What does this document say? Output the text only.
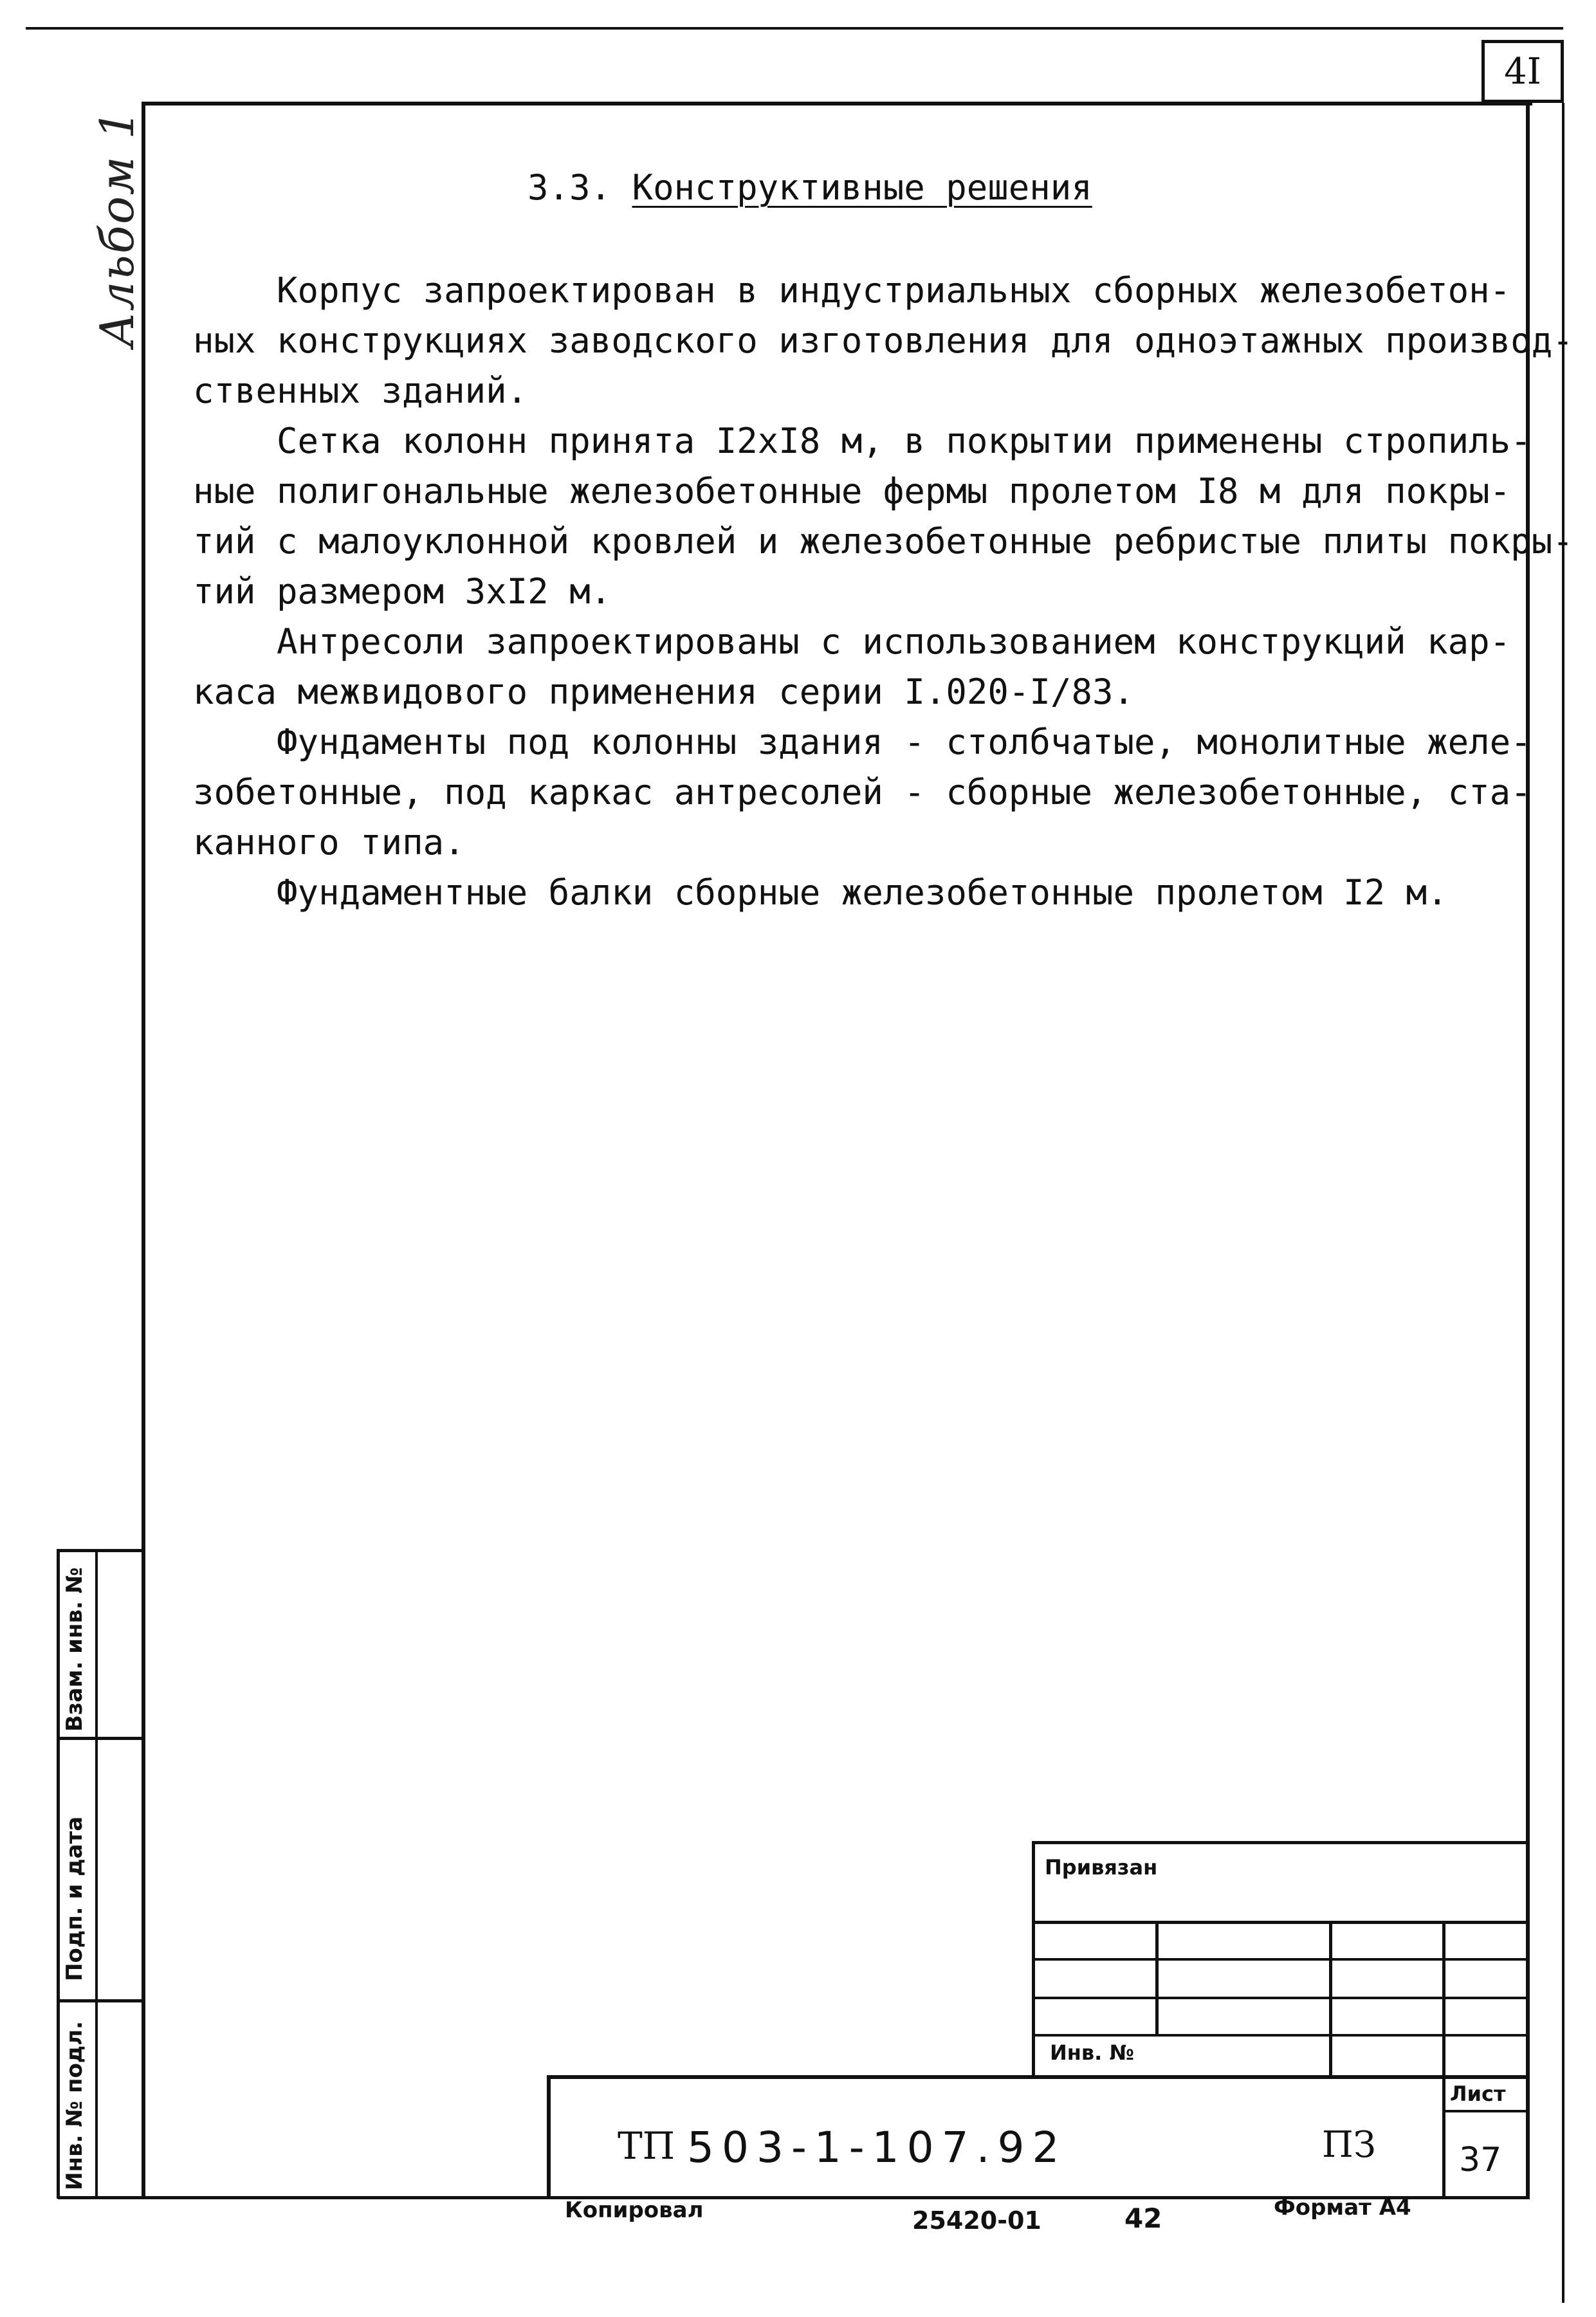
4I
Альбом 1	3.3. Конструктивные решения
Корпус запроектирован в индустриальных сборных железобетон-
ных конструкциях заводского изготовления для одноэтажных производ-
ственных зданий.
Сетка колонн принята I2xI8 м, в покрытии применены стропиль-
ные полигональные железобетонные фермы пролетом I8 м для покры-
тий с малоуклонной кровлей и железобетонные ребристые плиты покры-
тий размером 3xI2 м.
Антресоли запроектированы с использованием конструкций кар-
каса межвидового применения серии I.020-I/83.
Фундаменты под колонны здания - столбчатые, монолитные желе-
зобетонные, под каркас антресолей - сборные железобетонные, ста-
канного типа.
Фундаментные балки сборные железобетонные пролетом I2 м.
Взам. инв. №
Подп. и дата
Инв. № подл.
Привязан
Инв. №
Лист
ТП 503-1-107.92	ПЗ 37
Копировал	25420-01	42	Формат А4
